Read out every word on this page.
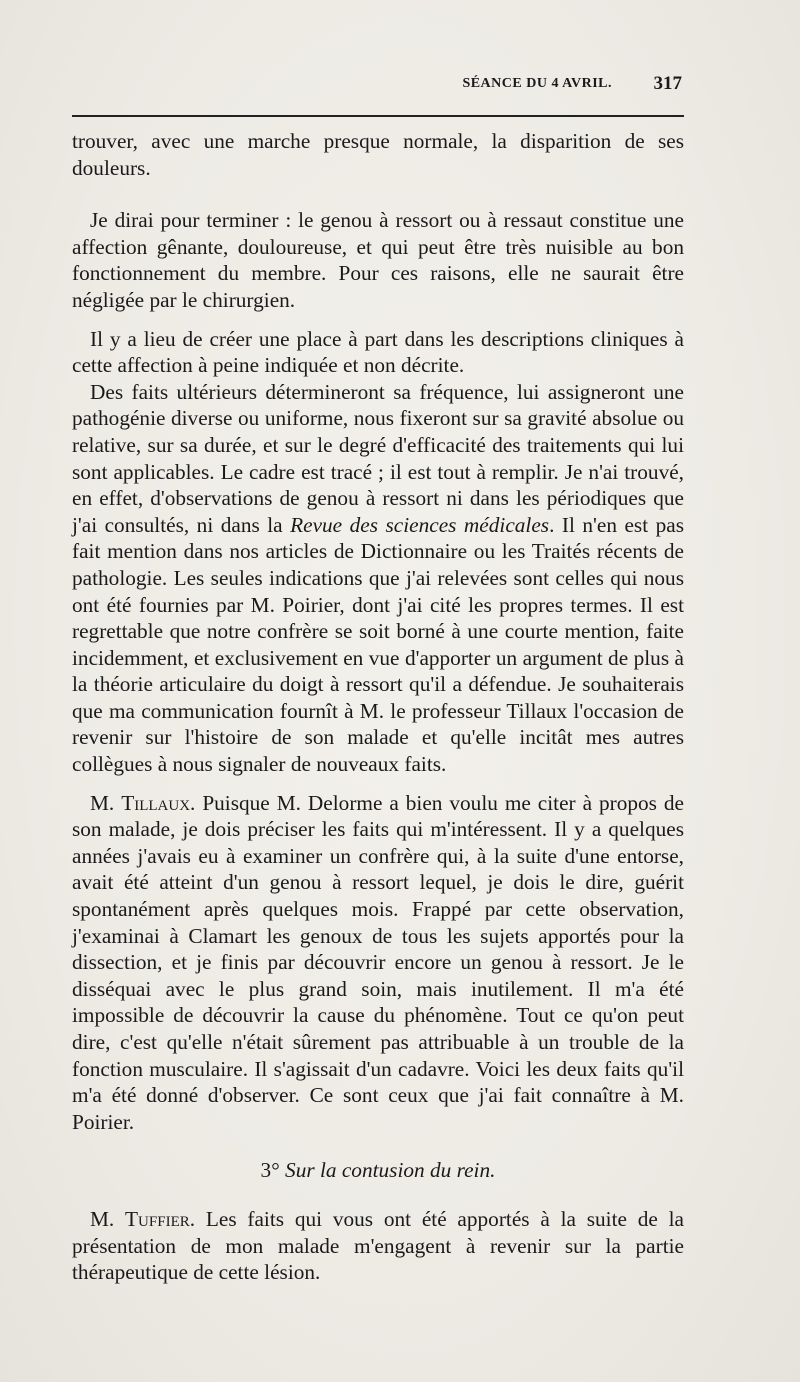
SÉANCE DU 4 AVRIL. 317

trouver, avec une marche presque normale, la disparition de ses douleurs.

Je dirai pour terminer : le genou à ressort ou à ressaut constitue une affection gênante, douloureuse, et qui peut être très nuisible au bon fonctionnement du membre. Pour ces raisons, elle ne saurait être négligée par le chirurgien.

Il y a lieu de créer une place à part dans les descriptions cliniques à cette affection à peine indiquée et non décrite.

Des faits ultérieurs détermineront sa fréquence, lui assigneront une pathogénie diverse ou uniforme, nous fixeront sur sa gravité absolue ou relative, sur sa durée, et sur le degré d'efficacité des traitements qui lui sont applicables. Le cadre est tracé ; il est tout à remplir. Je n'ai trouvé, en effet, d'observations de genou à ressort ni dans les périodiques que j'ai consultés, ni dans la Revue des sciences médicales. Il n'en est pas fait mention dans nos articles de Dictionnaire ou les Traités récents de pathologie. Les seules indications que j'ai relevées sont celles qui nous ont été fournies par M. Poirier, dont j'ai cité les propres termes. Il est regrettable que notre confrère se soit borné à une courte mention, faite incidemment, et exclusivement en vue d'apporter un argument de plus à la théorie articulaire du doigt à ressort qu'il a défendue. Je souhaiterais que ma communication fournît à M. le professeur Tillaux l'occasion de revenir sur l'histoire de son malade et qu'elle incitât mes autres collègues à nous signaler de nouveaux faits.

M. Tillaux. Puisque M. Delorme a bien voulu me citer à propos de son malade, je dois préciser les faits qui m'intéressent. Il y a quelques années j'avais eu à examiner un confrère qui, à la suite d'une entorse, avait été atteint d'un genou à ressort lequel, je dois le dire, guérit spontanément après quelques mois. Frappé par cette observation, j'examinai à Clamart les genoux de tous les sujets apportés pour la dissection, et je finis par découvrir encore un genou à ressort. Je le disséquai avec le plus grand soin, mais inutilement. Il m'a été impossible de découvrir la cause du phénomène. Tout ce qu'on peut dire, c'est qu'elle n'était sûrement pas attribuable à un trouble de la fonction musculaire. Il s'agissait d'un cadavre. Voici les deux faits qu'il m'a été donné d'observer. Ce sont ceux que j'ai fait connaître à M. Poirier.

3° Sur la contusion du rein.

M. Tuffier. Les faits qui vous ont été apportés à la suite de la présentation de mon malade m'engagent à revenir sur la partie thérapeutique de cette lésion.
